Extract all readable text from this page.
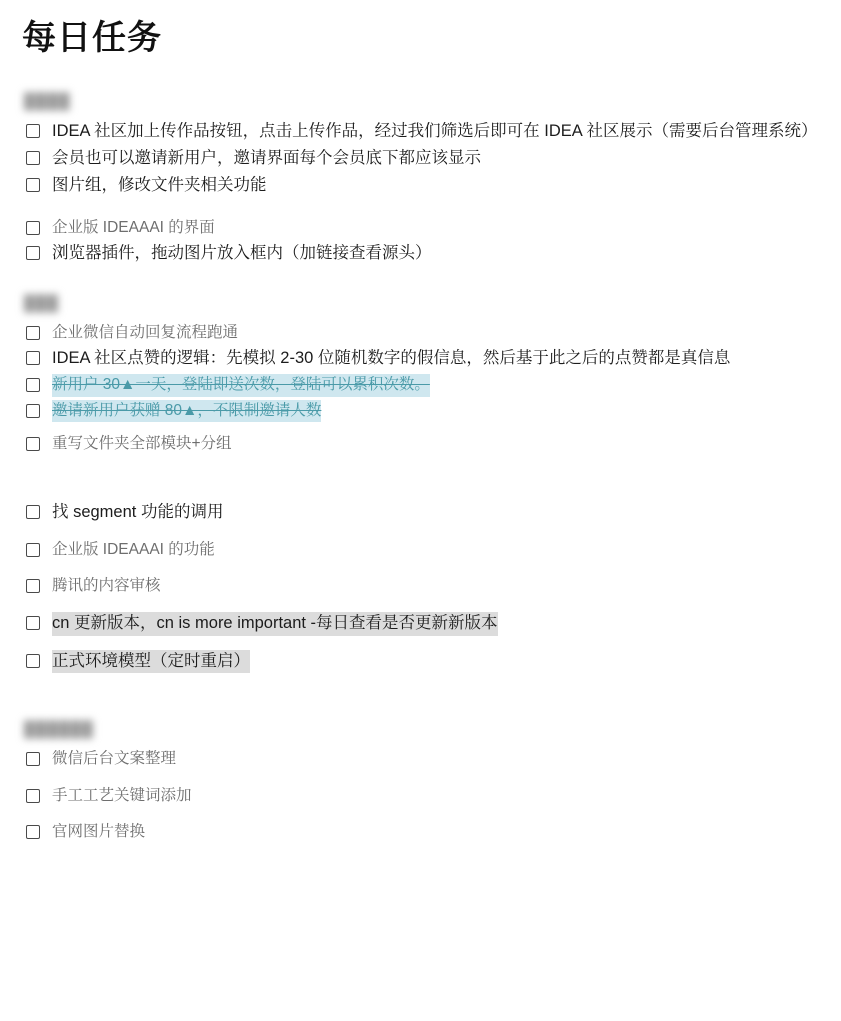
每日任务
████
IDEA 社区加上传作品按钮，点击上传作品，经过我们筛选后即可在 IDEA 社区展示（需要后台管理系统）
会员也可以邀请新用户，邀请界面每个会员底下都应该显示
图片组，修改文件夹相关功能
企业版 IDEAAAI 的界面
浏览器插件，拖动图片放入框内（加链接查看源头）
███
企业微信自动回复流程跑通
IDEA 社区点赞的逻辑：先模拟 2-30 位随机数字的假信息，然后基于此之后的点赞都是真信息
新用户 30▲一天，登陆即送次数，登陆可以累积次数。
邀请新用户获赠 80▲，不限制邀请人数
重写文件夹全部模块+分组
找 segment 功能的调用
企业版 IDEAAAI 的功能
腾讯的内容审核
cn 更新版本，cn is more important -每日查看是否更新新版本
正式环境模型（定时重启）
██████
微信后台文案整理
手工工艺关键词添加
官网图片替换
